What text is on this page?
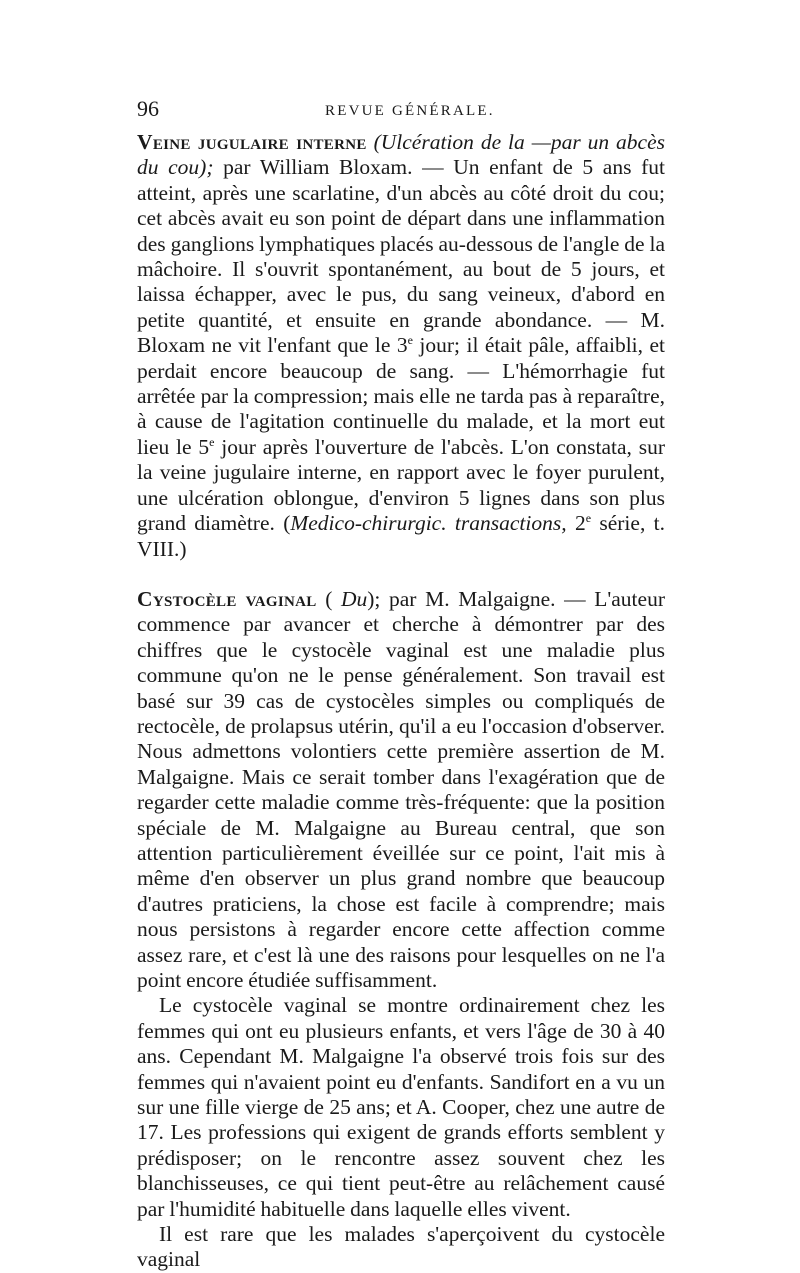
96	REVUE GÉNÉRALE.

Veine jugulaire interne (Ulcération de la —par un abcès du cou); par William Bloxam. — Un enfant de 5 ans fut atteint, après une scarlatine, d'un abcès au côté droit du cou; cet abcès avait eu son point de départ dans une inflammation des ganglions lymphatiques placés au-dessous de l'angle de la mâchoire. Il s'ouvrit spontanément, au bout de 5 jours, et laissa échapper, avec le pus, du sang veineux, d'abord en petite quantité, et ensuite en grande abondance. — M. Bloxam ne vit l'enfant que le 3e jour; il était pâle, affaibli, et perdait encore beaucoup de sang. — L'hémorrhagie fut arrêtée par la compression; mais elle ne tarda pas à reparaître, à cause de l'agitation continuelle du malade, et la mort eut lieu le 5e jour après l'ouverture de l'abcès. L'on constata, sur la veine jugulaire interne, en rapport avec le foyer purulent, une ulcération oblongue, d'environ 5 lignes dans son plus grand diamètre. (Medico-chirurgic. transactions, 2e série, t. VIII.)

Cystocèle vaginal ( Du); par M. Malgaigne. — L'auteur commence par avancer et cherche à démontrer par des chiffres que le cystocèle vaginal est une maladie plus commune qu'on ne le pense généralement. Son travail est basé sur 39 cas de cystocèles simples ou compliqués de rectocèle, de prolapsus utérin, qu'il a eu l'occasion d'observer. Nous admettons volontiers cette première assertion de M. Malgaigne. Mais ce serait tomber dans l'exagération que de regarder cette maladie comme très-fréquente: que la position spéciale de M. Malgaigne au Bureau central, que son attention particulièrement éveillée sur ce point, l'ait mis à même d'en observer un plus grand nombre que beaucoup d'autres praticiens, la chose est facile à comprendre; mais nous persistons à regarder encore cette affection comme assez rare, et c'est là une des raisons pour lesquelles on ne l'a point encore étudiée suffisamment.

Le cystocèle vaginal se montre ordinairement chez les femmes qui ont eu plusieurs enfants, et vers l'âge de 30 à 40 ans. Cependant M. Malgaigne l'a observé trois fois sur des femmes qui n'avaient point eu d'enfants. Sandifort en a vu un sur une fille vierge de 25 ans; et A. Cooper, chez une autre de 17. Les professions qui exigent de grands efforts semblent y prédisposer; on le rencontre assez souvent chez les blanchisseuses, ce qui tient peut-être au relâchement causé par l'humidité habituelle dans laquelle elles vivent.

Il est rare que les malades s'aperçoivent du cystocèle vaginal
